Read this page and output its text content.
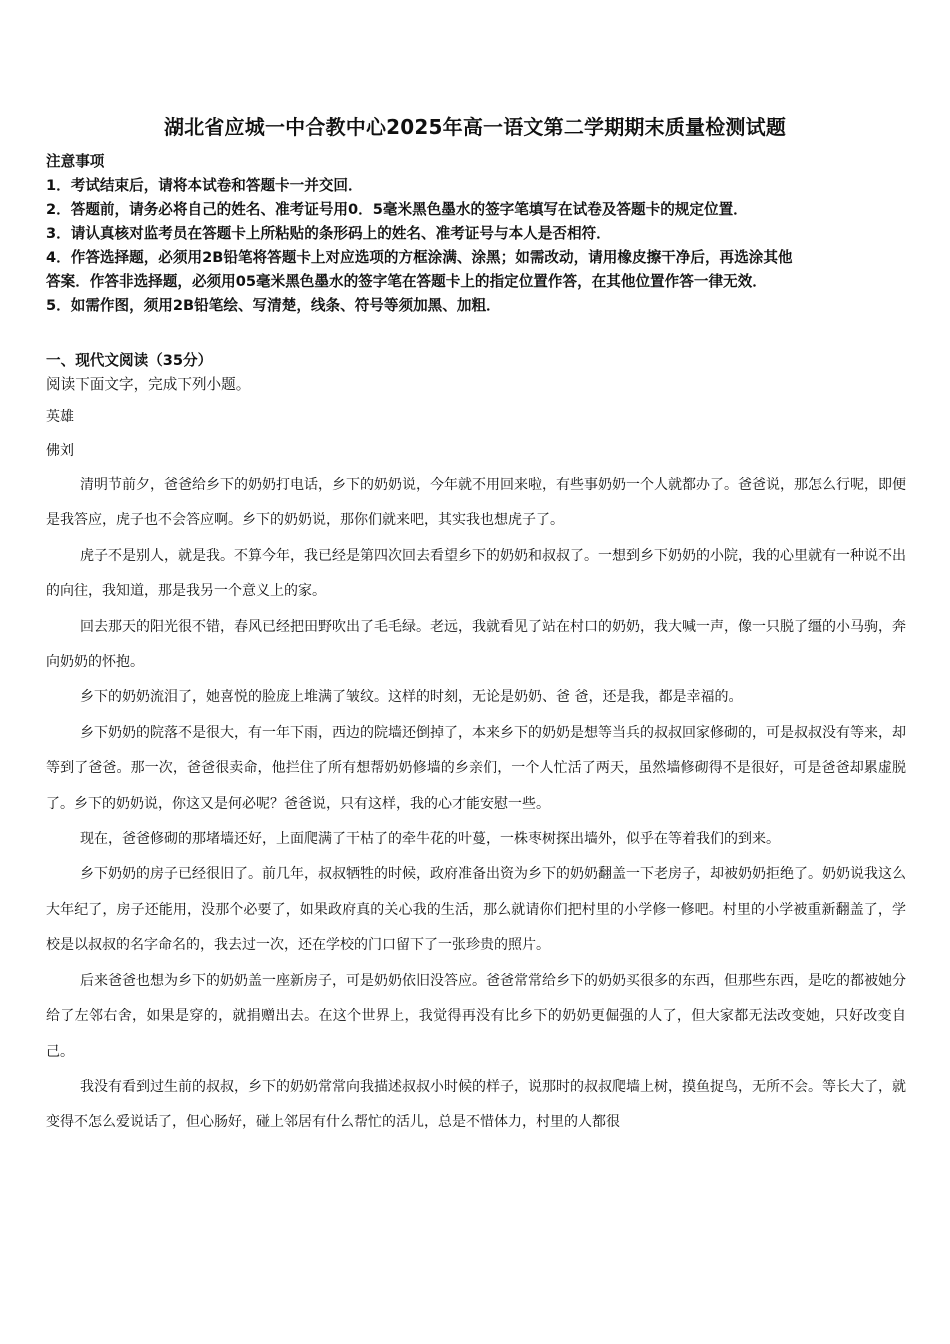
湖北省应城一中合教中心2025年高一语文第二学期期末质量检测试题
注意事项
1．考试结束后，请将本试卷和答题卡一并交回．
2．答题前，请务必将自己的姓名、准考证号用0．5毫米黑色墨水的签字笔填写在试卷及答题卡的规定位置．
3．请认真核对监考员在答题卡上所粘贴的条形码上的姓名、准考证号与本人是否相符．
4．作答选择题，必须用2B铅笔将答题卡上对应选项的方框涂满、涂黑；如需改动，请用橡皮擦干净后，再选涂其他
答案．作答非选择题，必须用05毫米黑色墨水的签字笔在答题卡上的指定位置作答，在其他位置作答一律无效．
5．如需作图，须用2B铅笔绘、写清楚，线条、符号等须加黑、加粗．
一、现代文阅读（35分）
阅读下面文字，完成下列小题。
英雄
佛刘

清明节前夕，爸爸给乡下的奶奶打电话，乡下的奶奶说，今年就不用回来啦，有些事奶奶一个人就都办了。爸爸说，那怎么行呢，即便是我答应，虎子也不会答应啊。乡下的奶奶说，那你们就来吧，其实我也想虎子了。

虎子不是别人，就是我。不算今年，我已经是第四次回去看望乡下的奶奶和叔叔了。一想到乡下奶奶的小院，我的心里就有一种说不出的向往，我知道，那是我另一个意义上的家。

回去那天的阳光很不错，春风已经把田野吹出了毛毛绿。老远，我就看见了站在村口的奶奶，我大喊一声，像一只脱了缰的小马驹，奔向奶奶的怀抱。

乡下的奶奶流泪了，她喜悦的脸庞上堆满了皱纹。这样的时刻，无论是奶奶、爸 爸，还是我，都是幸福的。

乡下奶奶的院落不是很大，有一年下雨，西边的院墙还倒掉了，本来乡下的奶奶是想等当兵的叔叔回家修砌的，可是叔叔没有等来，却等到了爸爸。那一次，爸爸很卖命，他拦住了所有想帮奶奶修墙的乡亲们，一个人忙活了两天，虽然墙修砌得不是很好，可是爸爸却累虚脱了。乡下的奶奶说，你这又是何必呢？爸爸说，只有这样，我的心才能安慰一些。

现在，爸爸修砌的那堵墙还好，上面爬满了干枯了的牵牛花的叶蔓，一株枣树探出墙外，似乎在等着我们的到来。

乡下奶奶的房子已经很旧了。前几年，叔叔牺牲的时候，政府准备出资为乡下的奶奶翻盖一下老房子，却被奶奶拒绝了。奶奶说我这么大年纪了，房子还能用，没那个必要了，如果政府真的关心我的生活，那么就请你们把村里的小学修一修吧。村里的小学被重新翻盖了，学校是以叔叔的名字命名的，我去过一次，还在学校的门口留下了一张珍贵的照片。

后来爸爸也想为乡下的奶奶盖一座新房子，可是奶奶依旧没答应。爸爸常常给乡下的奶奶买很多的东西，但那些东西，是吃的都被她分给了左邻右舍，如果是穿的，就捐赠出去。在这个世界上，我觉得再没有比乡下的奶奶更倔强的人了，但大家都无法改变她，只好改变自己。

我没有看到过生前的叔叔，乡下的奶奶常常向我描述叔叔小时候的样子，说那时的叔叔爬墙上树，摸鱼捉鸟，无所不会。等长大了，就变得不怎么爱说话了，但心肠好，碰上邻居有什么帮忙的活儿，总是不惜体力，村里的人都很
